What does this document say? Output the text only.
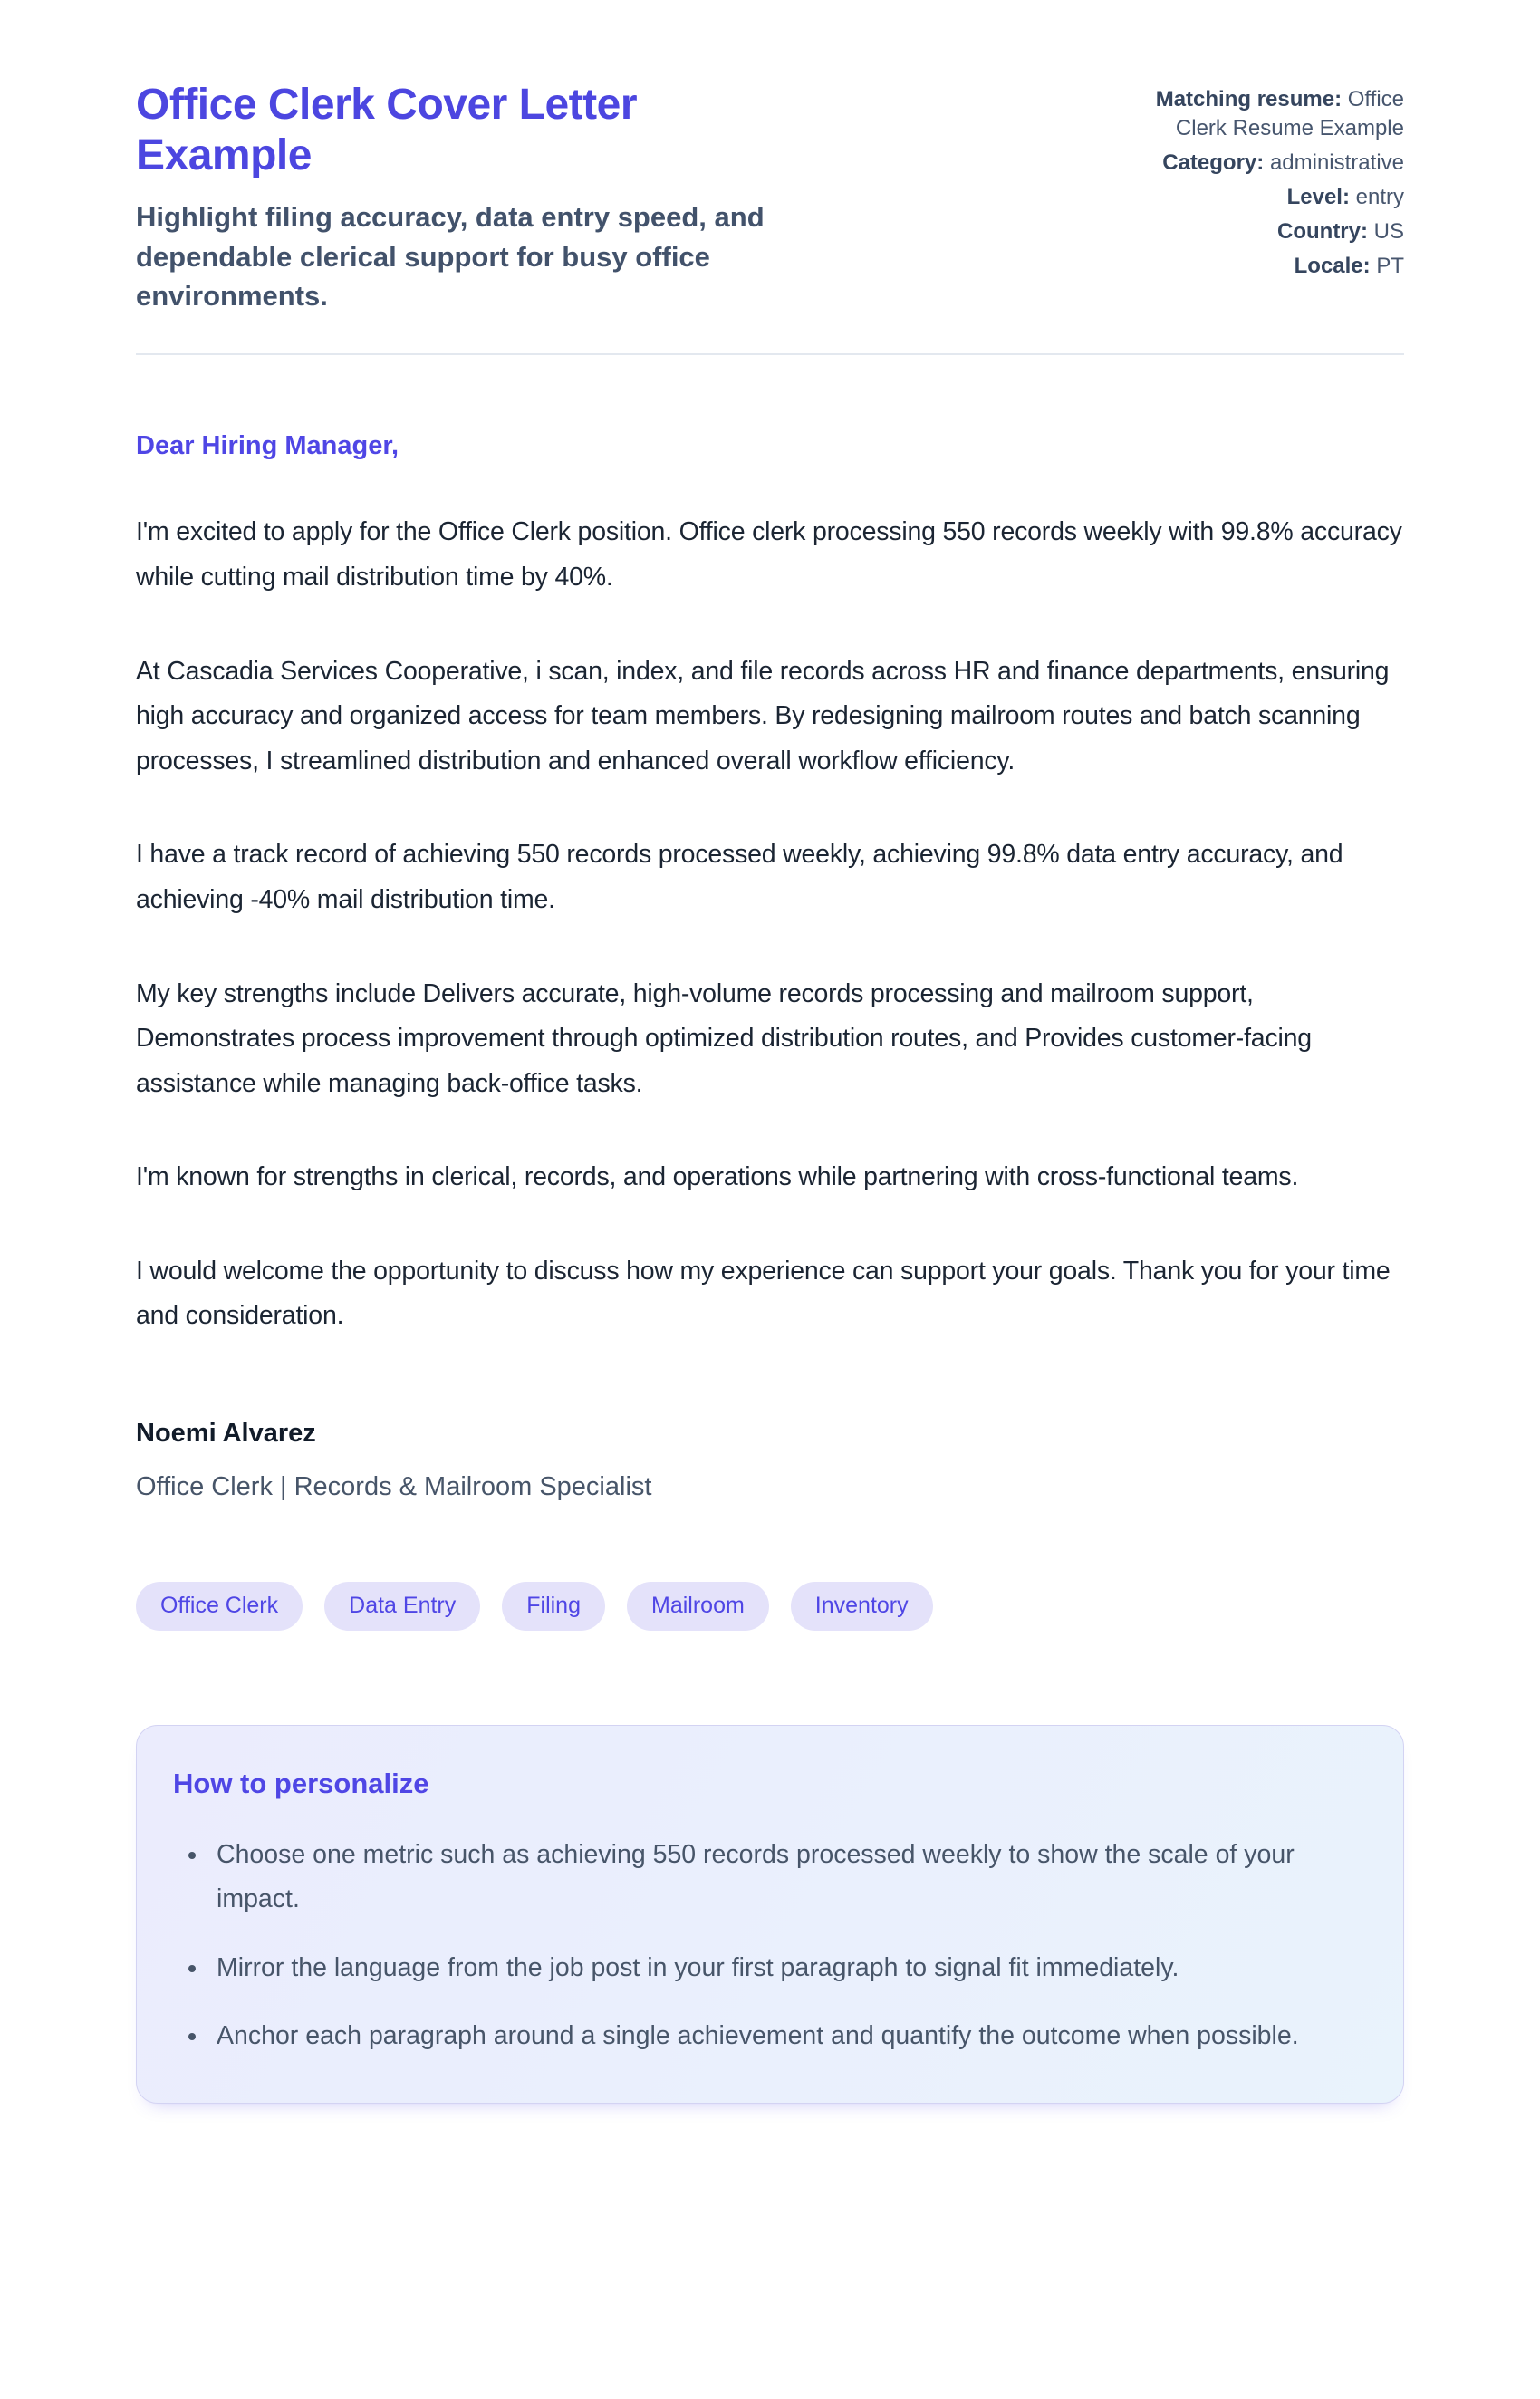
Office Clerk Cover Letter Example

Highlight filing accuracy, data entry speed, and dependable clerical support for busy office environments.

Matching resume: Office Clerk Resume Example
Category: administrative
Level: entry
Country: US
Locale: PT

Dear Hiring Manager,

I'm excited to apply for the Office Clerk position. Office clerk processing 550 records weekly with 99.8% accuracy while cutting mail distribution time by 40%.

At Cascadia Services Cooperative, i scan, index, and file records across HR and finance departments, ensuring high accuracy and organized access for team members. By redesigning mailroom routes and batch scanning processes, I streamlined distribution and enhanced overall workflow efficiency.

I have a track record of achieving 550 records processed weekly, achieving 99.8% data entry accuracy, and achieving -40% mail distribution time.

My key strengths include Delivers accurate, high-volume records processing and mailroom support, Demonstrates process improvement through optimized distribution routes, and Provides customer-facing assistance while managing back-office tasks.

I'm known for strengths in clerical, records, and operations while partnering with cross-functional teams.

I would welcome the opportunity to discuss how my experience can support your goals. Thank you for your time and consideration.

Noemi Alvarez

Office Clerk | Records & Mailroom Specialist

Office Clerk	Data Entry	Filing	Mailroom	Inventory
How to personalize
• Choose one metric such as achieving 550 records processed weekly to show the scale of your impact.
• Mirror the language from the job post in your first paragraph to signal fit immediately.
• Anchor each paragraph around a single achievement and quantify the outcome when possible.
